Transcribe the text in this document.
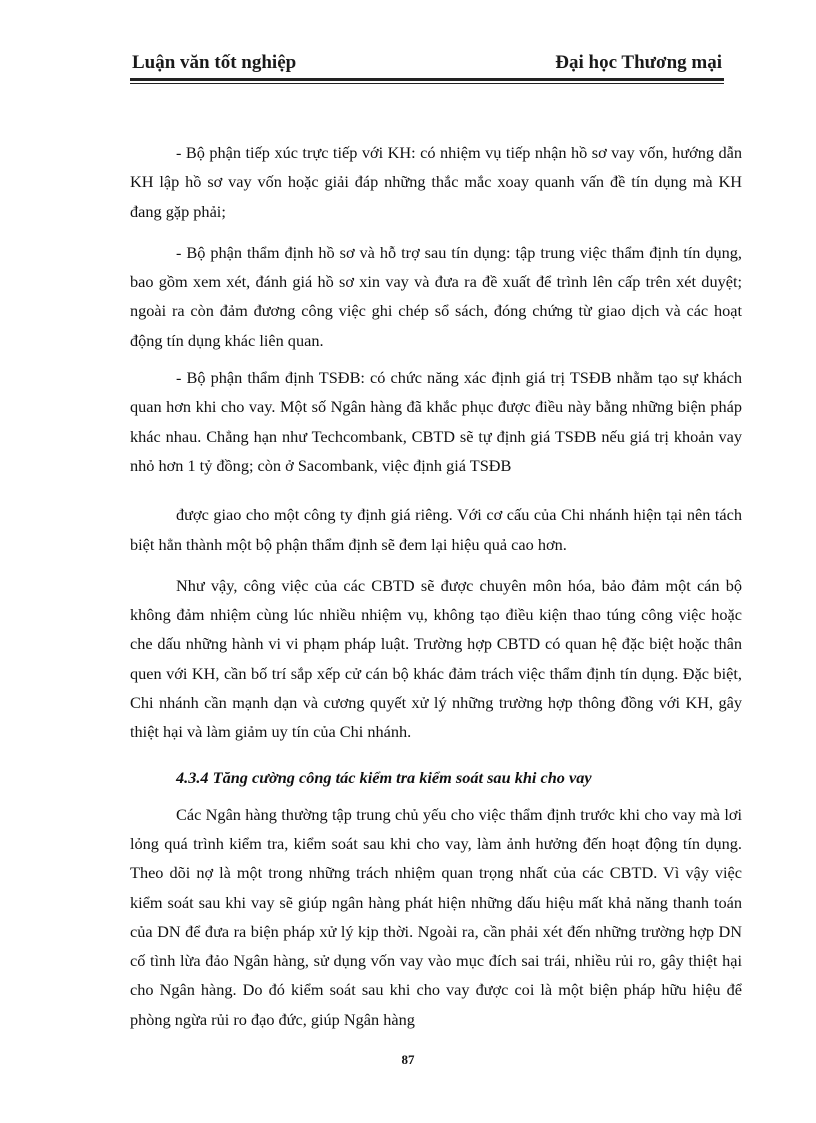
Luận văn tốt nghiệp	Đại học Thương mại

- Bộ phận tiếp xúc trực tiếp với KH: có nhiệm vụ tiếp nhận hồ sơ vay vốn, hướng dẫn KH lập hồ sơ vay vốn hoặc giải đáp những thắc mắc xoay quanh vấn đề tín dụng mà KH đang gặp phải;

- Bộ phận thẩm định hồ sơ và hỗ trợ sau tín dụng: tập trung việc thẩm định tín dụng, bao gồm xem xét, đánh giá hồ sơ xin vay và đưa ra đề xuất để trình lên cấp trên xét duyệt; ngoài ra còn đảm đương công việc ghi chép sổ sách, đóng chứng từ giao dịch và các hoạt động tín dụng khác liên quan.

- Bộ phận thẩm định TSĐB: có chức năng xác định giá trị TSĐB nhằm tạo sự khách quan hơn khi cho vay. Một số Ngân hàng đã khắc phục được điều này bằng những biện pháp khác nhau. Chẳng hạn như Techcombank, CBTD sẽ tự định giá TSĐB nếu giá trị khoản vay nhỏ hơn 1 tỷ đồng; còn ở Sacombank, việc định giá TSĐB

được giao cho một công ty định giá riêng. Với cơ cấu của Chi nhánh hiện tại nên tách biệt hẳn thành một bộ phận thẩm định sẽ đem lại hiệu quả cao hơn.

Như vậy, công việc của các CBTD sẽ được chuyên môn hóa, bảo đảm một cán bộ không đảm nhiệm cùng lúc nhiều nhiệm vụ, không tạo điều kiện thao túng công việc hoặc che dấu những hành vi vi phạm pháp luật. Trường hợp CBTD có quan hệ đặc biệt hoặc thân quen với KH, cần bố trí sắp xếp cử cán bộ khác đảm trách việc thẩm định tín dụng. Đặc biệt, Chi nhánh cần mạnh dạn và cương quyết xử lý những trường hợp thông đồng với KH, gây thiệt hại và làm giảm uy tín của Chi nhánh.

4.3.4 Tăng cường công tác kiểm tra kiểm soát sau khi cho vay

Các Ngân hàng thường tập trung chủ yếu cho việc thẩm định trước khi cho vay mà lơi lỏng quá trình kiểm tra, kiểm soát sau khi cho vay, làm ảnh hưởng đến hoạt động tín dụng. Theo dõi nợ là một trong những trách nhiệm quan trọng nhất của các CBTD. Vì vậy việc kiểm soát sau khi vay sẽ giúp ngân hàng phát hiện những dấu hiệu mất khả năng thanh toán của DN để đưa ra biện pháp xử lý kịp thời. Ngoài ra, cần phải xét đến những trường hợp DN cố tình lừa đảo Ngân hàng, sử dụng vốn vay vào mục đích sai trái, nhiều rủi ro, gây thiệt hại cho Ngân hàng. Do đó kiểm soát sau khi cho vay được coi là một biện pháp hữu hiệu để phòng ngừa rủi ro đạo đức, giúp Ngân hàng

87
